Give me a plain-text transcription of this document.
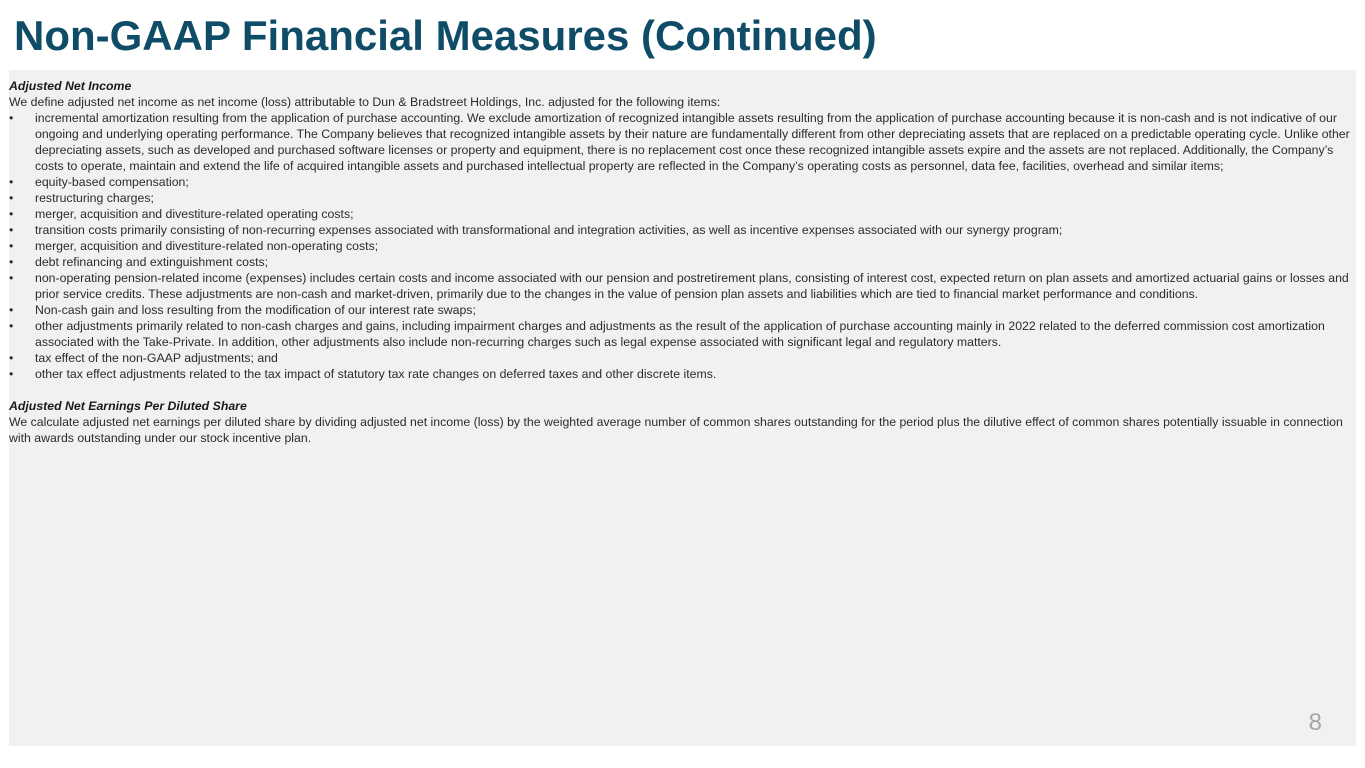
Non-GAAP Financial Measures (Continued)

Adjusted Net Income

We define adjusted net income as net income (loss) attributable to Dun & Bradstreet Holdings, Inc. adjusted for the following items:

• incremental amortization resulting from the application of purchase accounting. We exclude amortization of recognized intangible assets resulting from the application of purchase accounting because it is non-cash and is not indicative of our ongoing and underlying operating performance. The Company believes that recognized intangible assets by their nature are fundamentally different from other depreciating assets that are replaced on a predictable operating cycle. Unlike other depreciating assets, such as developed and purchased software licenses or property and equipment, there is no replacement cost once these recognized intangible assets expire and the assets are not replaced. Additionally, the Company’s costs to operate, maintain and extend the life of acquired intangible assets and purchased intellectual property are reflected in the Company’s operating costs as personnel, data fee, facilities, overhead and similar items;
• equity-based compensation;
• restructuring charges;
• merger, acquisition and divestiture-related operating costs;
• transition costs primarily consisting of non-recurring expenses associated with transformational and integration activities, as well as incentive expenses associated with our synergy program;
• merger, acquisition and divestiture-related non-operating costs;
• debt refinancing and extinguishment costs;
• non-operating pension-related income (expenses) includes certain costs and income associated with our pension and postretirement plans, consisting of interest cost, expected return on plan assets and amortized actuarial gains or losses and prior service credits. These adjustments are non-cash and market-driven, primarily due to the changes in the value of pension plan assets and liabilities which are tied to financial market performance and conditions.
• Non-cash gain and loss resulting from the modification of our interest rate swaps;
• other adjustments primarily related to non-cash charges and gains, including impairment charges and adjustments as the result of the application of purchase accounting mainly in 2022 related to the deferred commission cost amortization associated with the Take-Private. In addition, other adjustments also include non-recurring charges such as legal expense associated with significant legal and regulatory matters.
• tax effect of the non-GAAP adjustments; and
• other tax effect adjustments related to the tax impact of statutory tax rate changes on deferred taxes and other discrete items.

Adjusted Net Earnings Per Diluted Share

We calculate adjusted net earnings per diluted share by dividing adjusted net income (loss) by the weighted average number of common shares outstanding for the period plus the dilutive effect of common shares potentially issuable in connection with awards outstanding under our stock incentive plan.

8
